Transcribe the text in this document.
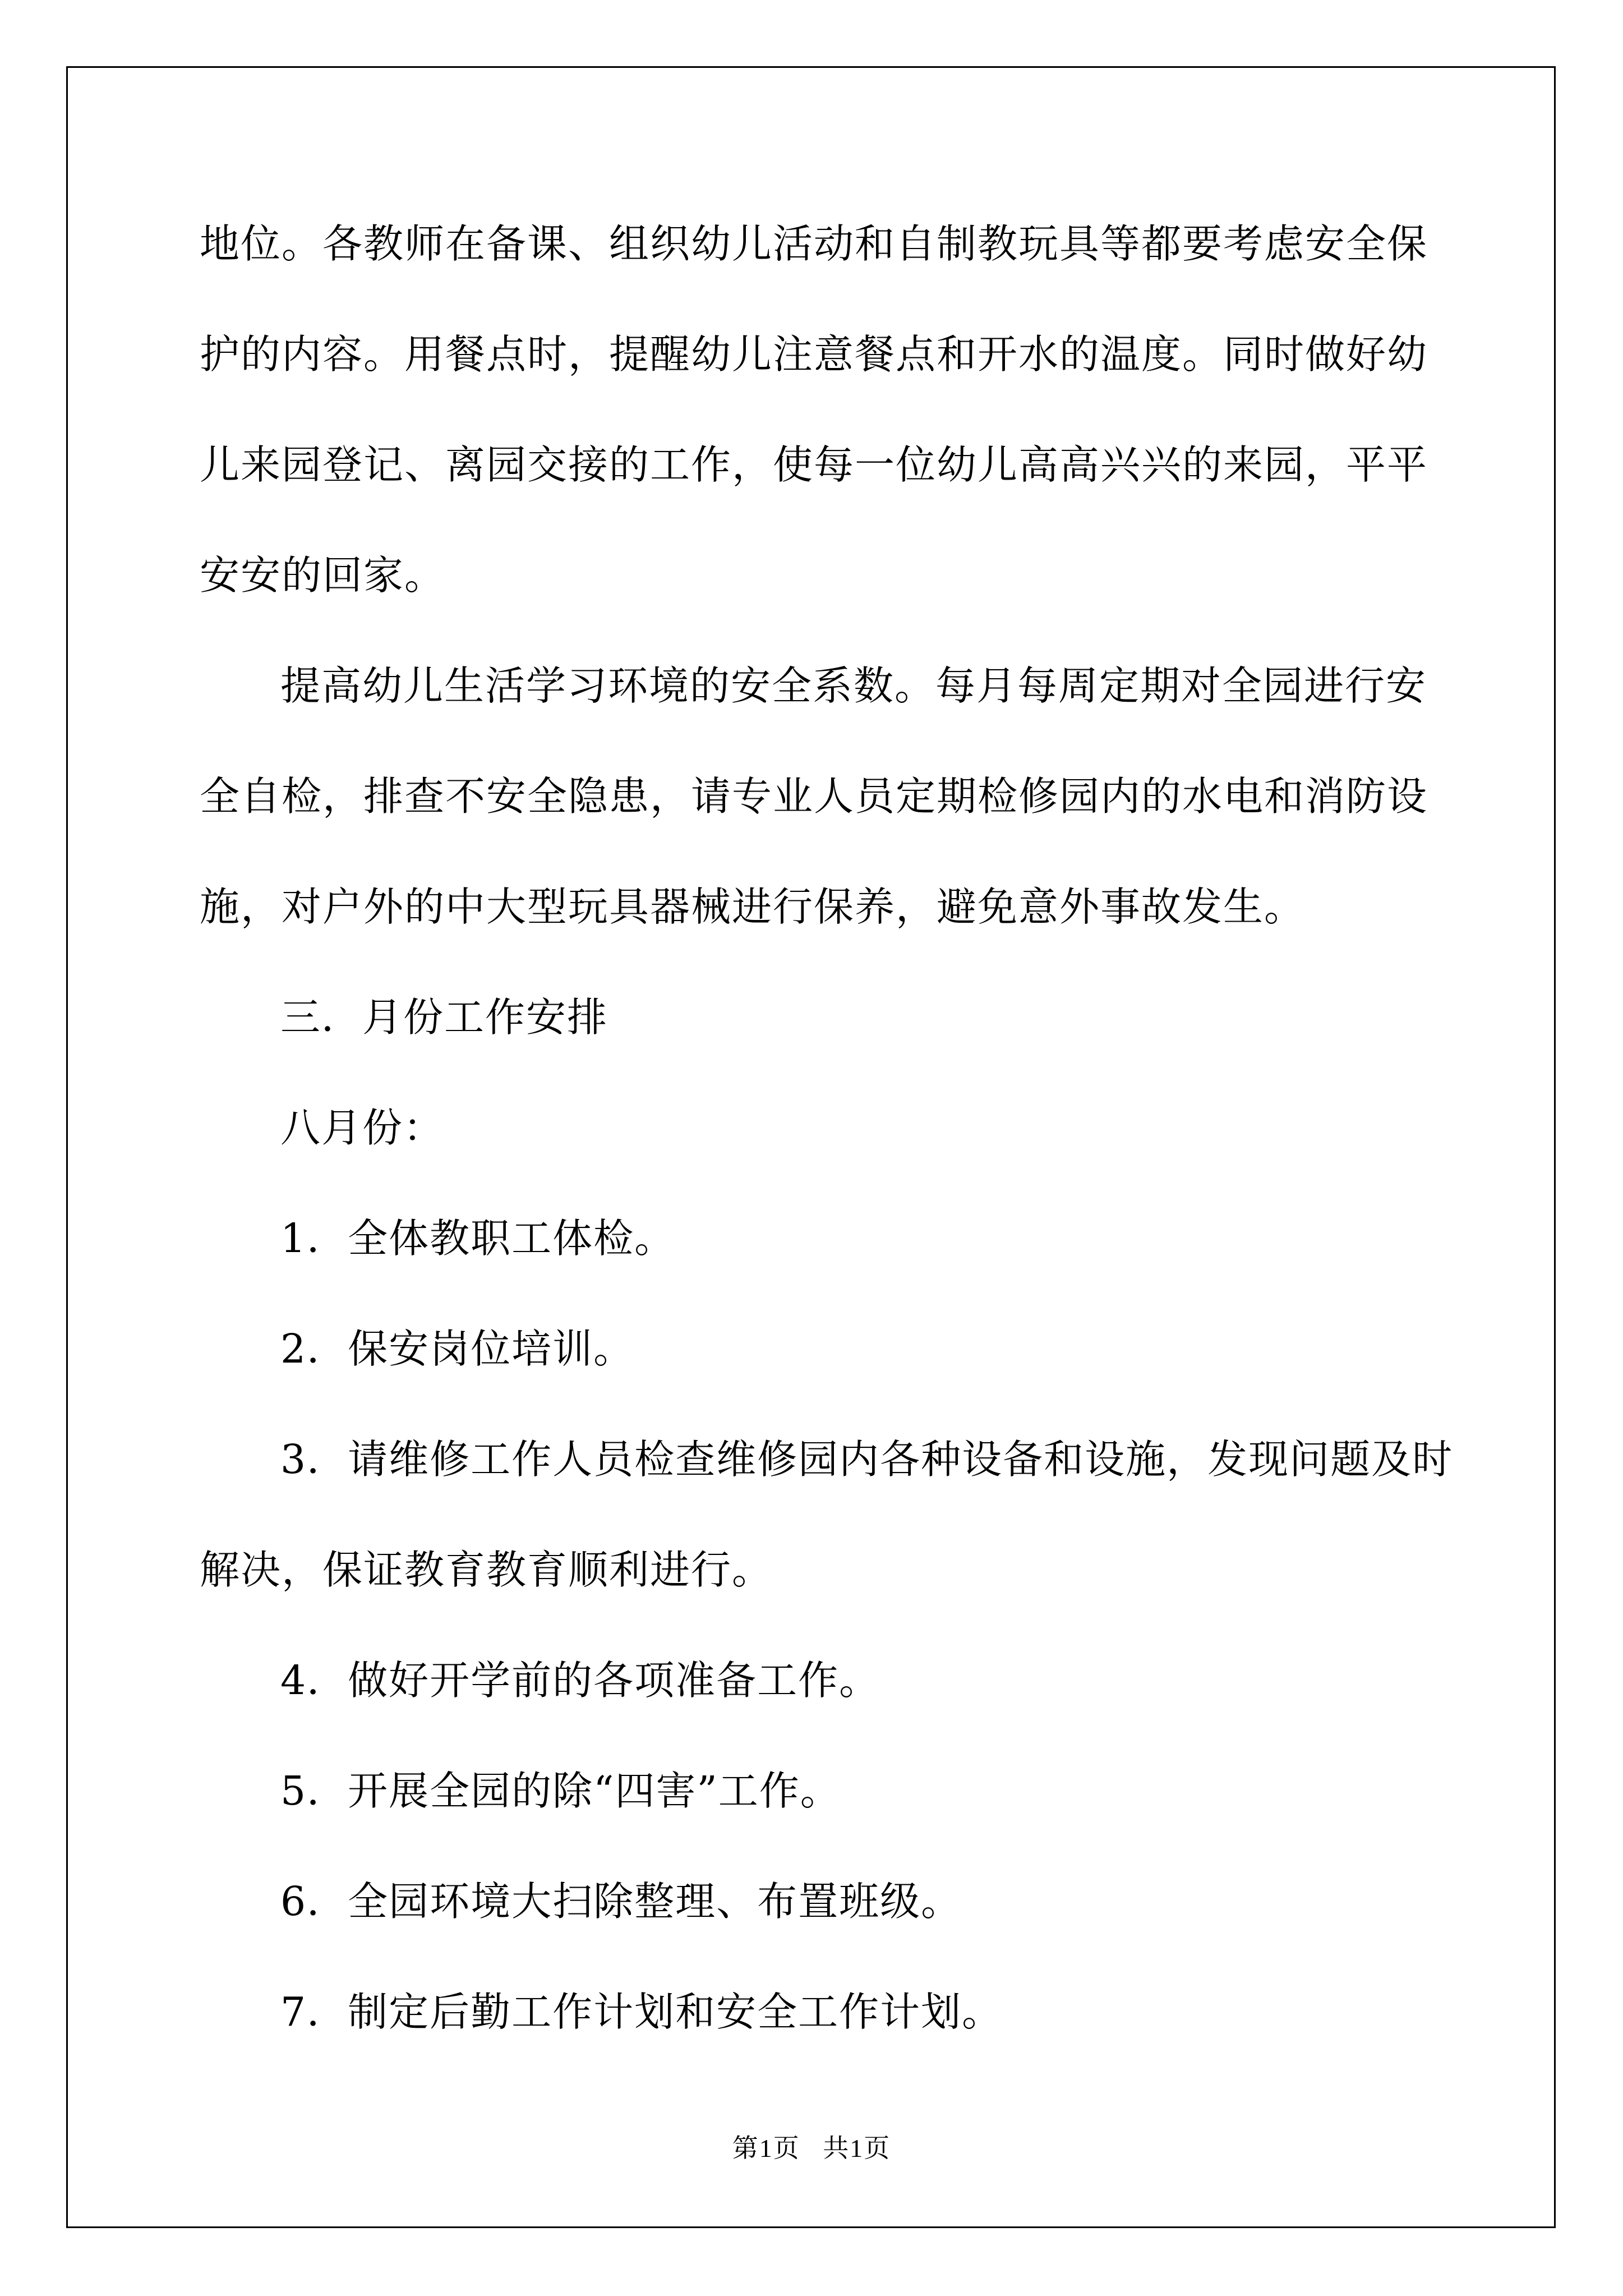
地位。各教师在备课、组织幼儿活动和自制教玩具等都要考虑安全保
护的内容。用餐点时，提醒幼儿注意餐点和开水的温度。同时做好幼
儿来园登记、离园交接的工作，使每一位幼儿高高兴兴的来园，平平
安安的回家。
提高幼儿生活学习环境的安全系数。每月每周定期对全园进行安
全自检，排查不安全隐患，请专业人员定期检修园内的水电和消防设
施，对户外的中大型玩具器械进行保养，避免意外事故发生。
三．月份工作安排
八月份：
1．全体教职工体检。
2．保安岗位培训。
3．请维修工作人员检查维修园内各种设备和设施，发现问题及时
解决，保证教育教育顺利进行。
4．做好开学前的各项准备工作。
5．开展全园的除“四害”工作。
6．全园环境大扫除整理、布置班级。
7．制定后勤工作计划和安全工作计划。
第1页   共1页
